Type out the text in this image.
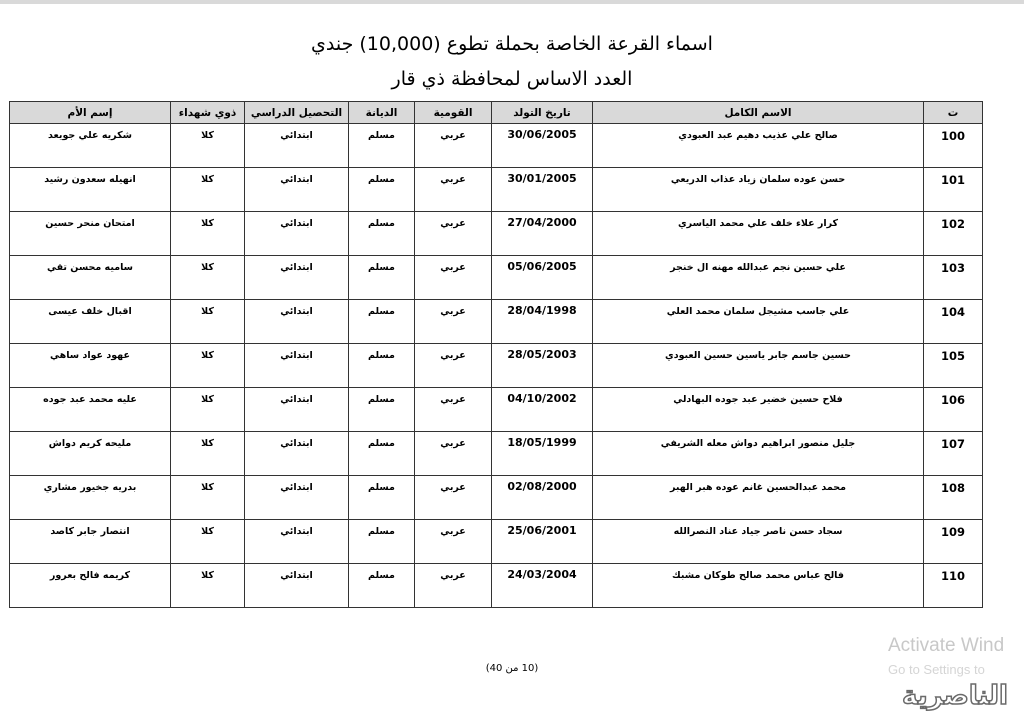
اسماء القرعة الخاصة بحملة تطوع (10,000) جندي
العدد الاساس لمحافظة ذي قار
ت	الاسم الكامل	تاريخ التولد	القومية	الديانة	التحصيل الدراسي	ذوي شهداء	إسم الأم
100	صالح علي عذيب دهيم عبد العبودي	30/06/2005	عربي	مسلم	ابتدائي	كلا	شكريه علي جويعد
101	حسن عوده سلمان زياد عذاب الدريعي	30/01/2005	عربي	مسلم	ابتدائي	كلا	انهيله سعدون رشيد
102	كرار علاء خلف علي محمد الياسري	27/04/2000	عربي	مسلم	ابتدائي	كلا	امتحان منحر حسين
103	علي حسين نجم عبدالله مهنه ال خنجر	05/06/2005	عربي	مسلم	ابتدائي	كلا	ساميه محسن تقي
104	علي جاسب مشيجل سلمان محمد العلي	28/04/1998	عربي	مسلم	ابتدائي	كلا	اقبال خلف عيسى
105	حسين جاسم جابر ياسين حسين العبودي	28/05/2003	عربي	مسلم	ابتدائي	كلا	عهود عواد ساهي
106	فلاح حسين خضير عبد جوده البهادلي	04/10/2002	عربي	مسلم	ابتدائي	كلا	عليه محمد عبد جوده
107	جليل منصور ابراهيم دواش معله الشريفي	18/05/1999	عربي	مسلم	ابتدائي	كلا	مليحه كريم دواش
108	محمد عبدالحسين غانم عوده هبر الهبر	02/08/2000	عربي	مسلم	ابتدائي	كلا	بدريه جخيور مشاري
109	سجاد حسن ناصر جياد عناد النصرالله	25/06/2001	عربي	مسلم	ابتدائي	كلا	انتصار جابر كاصد
110	فالح عباس محمد صالح طوكان مشبك	24/03/2004	عربي	مسلم	ابتدائي	كلا	كريمه فالح بعرور
(10 من 40)
Activate Wind
Go to Settings to
الناصرية
